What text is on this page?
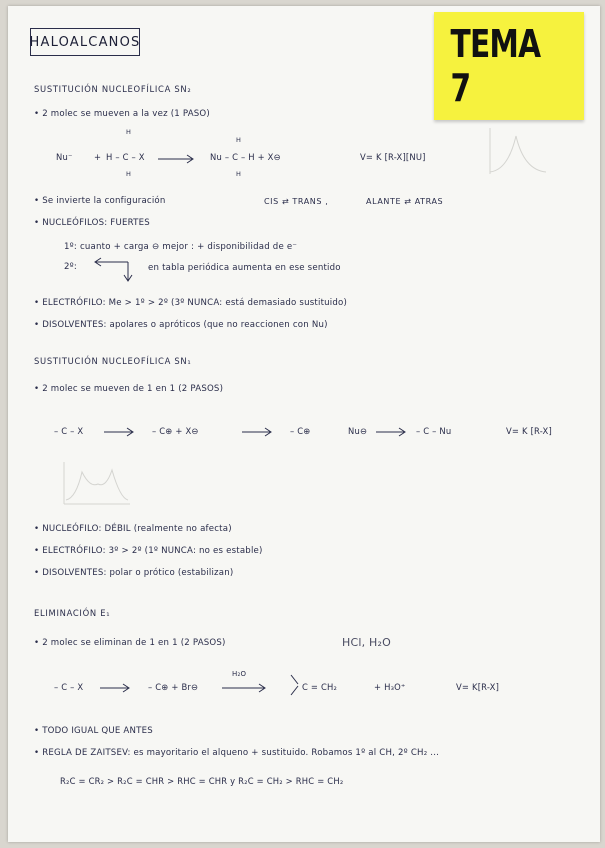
HALOALCANOS	TEMA 7

SUSTITUCIÓN NUCLEOFÍLICA SN₂
• 2 molec se mueven a la vez (1 PASO)
H
Nu⁻	+ H – C – X
H
H
Nu – C – H + X⊖
H
V= K [R-X][NU]
• Se invierte la configuración	CIS ⇄ TRANS ,	ALANTE ⇄ ATRAS
• NUCLEÓFILOS: FUERTES
1º: cuanto + carga ⊖ mejor : + disponibilidad de e⁻
2º:	en tabla periódica aumenta en ese sentido
• ELECTRÓFILO: Me > 1º > 2º (3º NUNCA: está demasiado sustituido)
• DISOLVENTES: apolares o apróticos (que no reaccionen con Nu)
SUSTITUCIÓN NUCLEOFÍLICA SN₁
• 2 molec se mueven de 1 en 1 (2 PASOS)
– C – X	– C⊕ + X⊖	– C⊕	Nu⊖	– C – Nu	V= K [R-X]
• NUCLEÓFILO: DÉBIL (realmente no afecta)
• ELECTRÓFILO: 3º > 2º (1º NUNCA: no es estable)
• DISOLVENTES: polar o prótico (estabilizan)
ELIMINACIÓN E₁
• 2 molec se eliminan de 1 en 1 (2 PASOS)	HCl, H₂O
– C – X	– C⊕ + Br⊖
H₂O
C = CH₂	+ H₃O⁺	V= K[R-X]
• TODO IGUAL QUE ANTES
• REGLA DE ZAITSEV: es mayoritario el alqueno + sustituido. Robamos 1º al CH, 2º CH₂ ...
R₂C = CR₂ > R₂C = CHR > RHC = CHR y R₂C = CH₂ > RHC = CH₂
